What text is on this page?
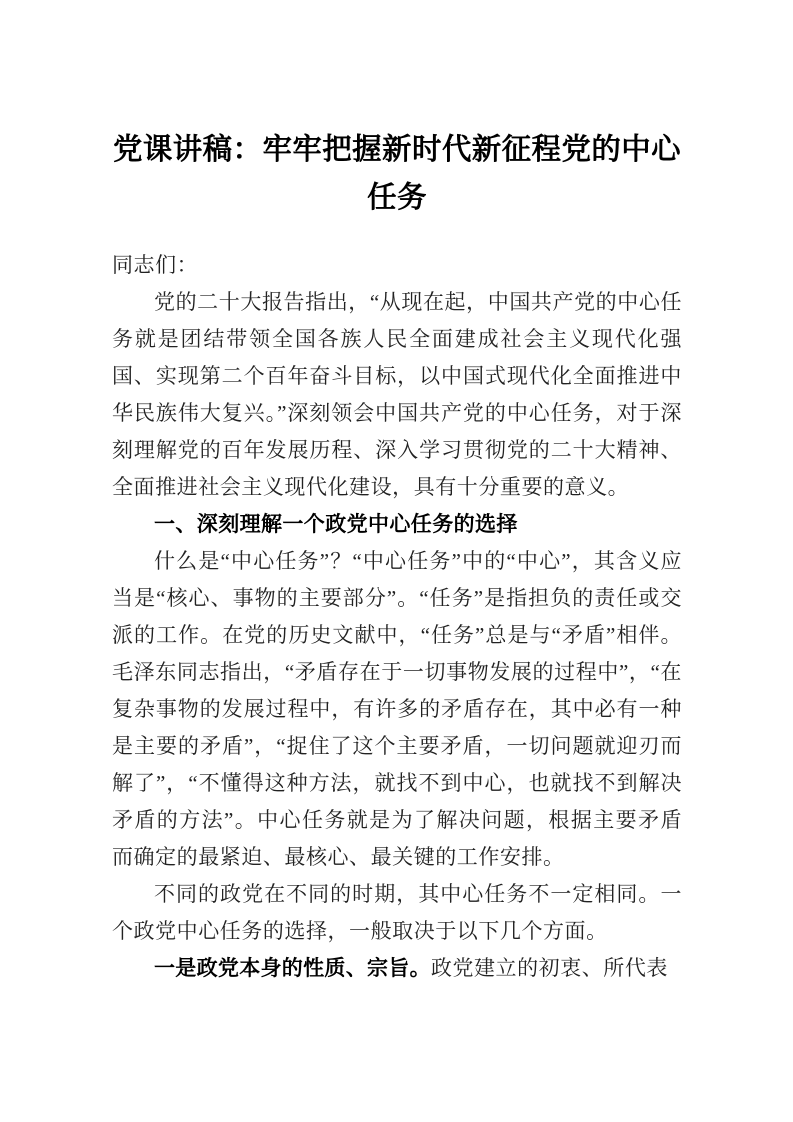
党课讲稿：牢牢把握新时代新征程党的中心任务

同志们：

党的二十大报告指出，“从现在起，中国共产党的中心任务就是团结带领全国各族人民全面建成社会主义现代化强国、实现第二个百年奋斗目标，以中国式现代化全面推进中华民族伟大复兴。”深刻领会中国共产党的中心任务，对于深刻理解党的百年发展历程、深入学习贯彻党的二十大精神、全面推进社会主义现代化建设，具有十分重要的意义。

一、深刻理解一个政党中心任务的选择

什么是“中心任务”？“中心任务”中的“中心”，其含义应当是“核心、事物的主要部分”。“任务”是指担负的责任或交派的工作。在党的历史文献中，“任务”总是与“矛盾”相伴。毛泽东同志指出，“矛盾存在于一切事物发展的过程中”，“在复杂事物的发展过程中，有许多的矛盾存在，其中必有一种是主要的矛盾”，“捉住了这个主要矛盾，一切问题就迎刃而解了”，“不懂得这种方法，就找不到中心，也就找不到解决矛盾的方法”。中心任务就是为了解决问题，根据主要矛盾而确定的最紧迫、最核心、最关键的工作安排。

不同的政党在不同的时期，其中心任务不一定相同。一个政党中心任务的选择，一般取决于以下几个方面。

一是政党本身的性质、宗旨。政党建立的初衷、所代表
